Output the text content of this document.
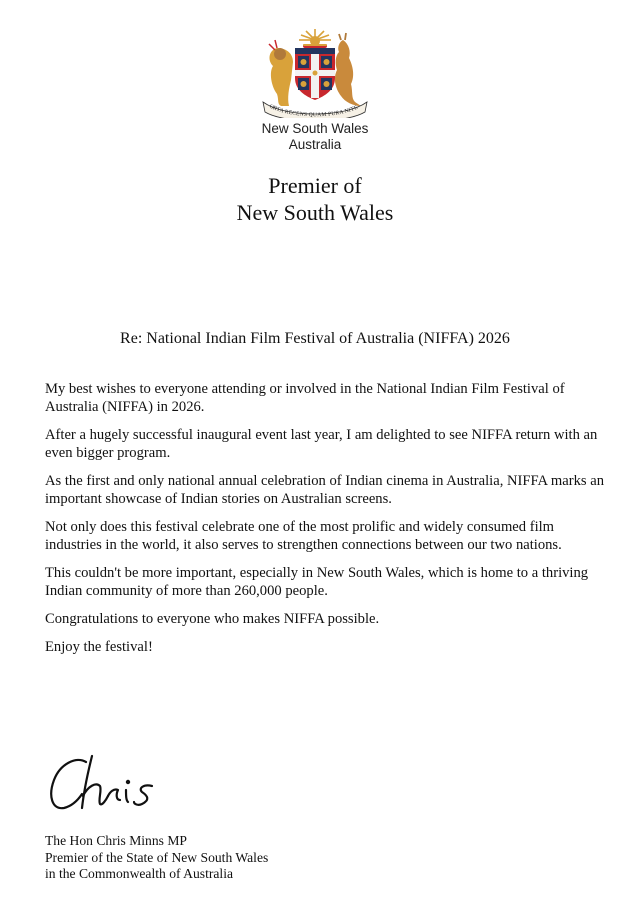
ORTA RECENS QUAM PURA NITE
New South Wales
Australia
Premier of
New South Wales
Re: National Indian Film Festival of Australia (NIFFA) 2026

My best wishes to everyone attending or involved in the National Indian Film Festival of Australia (NIFFA) in 2026.

After a hugely successful inaugural event last year, I am delighted to see NIFFA return with an even bigger program.

As the first and only national annual celebration of Indian cinema in Australia, NIFFA marks an important showcase of Indian stories on Australian screens.

Not only does this festival celebrate one of the most prolific and widely consumed film industries in the world, it also serves to strengthen connections between our two nations.

This couldn't be more important, especially in New South Wales, which is home to a thriving Indian community of more than 260,000 people.

Congratulations to everyone who makes NIFFA possible.

Enjoy the festival!

The Hon Chris Minns MP
Premier of the State of New South Wales
in the Commonwealth of Australia
